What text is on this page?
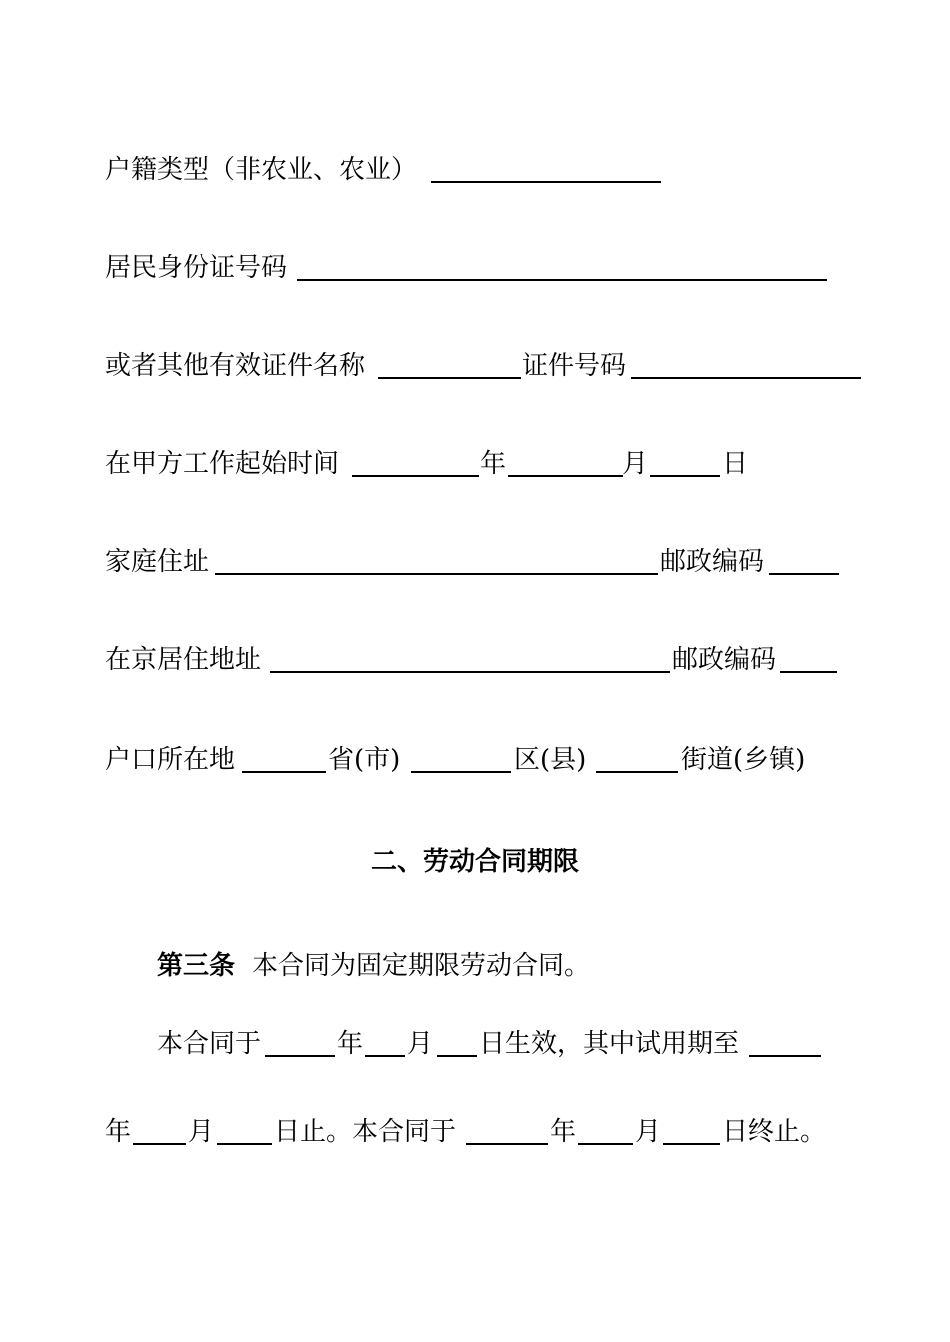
户籍类型（非农业、农业）
居民身份证号码
或者其他有效证件名称	证件号码
在甲方工作起始时间	年	月	日
家庭住址	邮政编码
在京居住地址	邮政编码
户口所在地	省(市)	区(县)	街道(乡镇)
二、劳动合同期限
第三条 本合同为固定期限劳动合同。
本合同于	年 月 日生效，其中试用期至
年 月 日止。本合同于	年 月 日终止。
